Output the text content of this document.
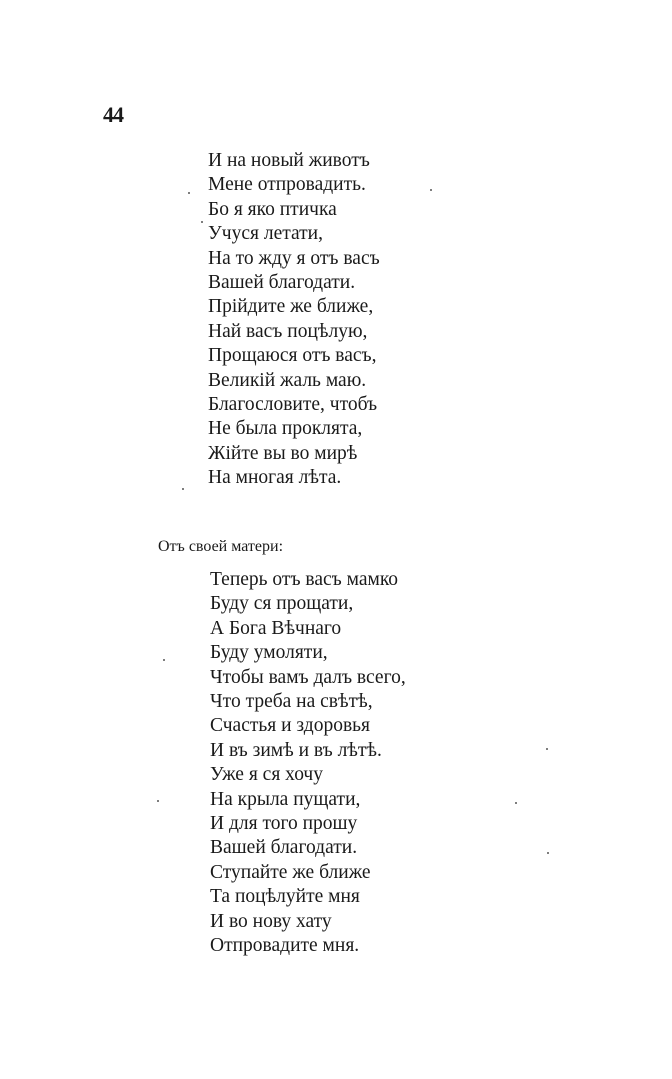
44
И на новый животъ
Мене отпровадить.
Бо я яко птичка
Учуся летати,
На то жду я отъ васъ
Вашей благодати.
Прійдите же ближе,
Най васъ поцѣлую,
Прощаюся отъ васъ,
Великій жаль маю.
Благословите, чтобъ
Не была проклята,
Жійте вы во мирѣ
На многая лѣта.
Отъ своей матери:
Теперь отъ васъ мамко
Буду ся прощати,
А Бога Вѣчнаго
Буду умоляти,
Чтобы вамъ далъ всего,
Что треба на свѣтѣ,
Счастья и здоровья
И въ зимѣ и въ лѣтѣ.
Уже я ся хочу
На крыла пущати,
И для того прошу
Вашей благодати.
Ступайте же ближе
Та поцѣлуйте мня
И во нову хату
Отпровадите мня.
